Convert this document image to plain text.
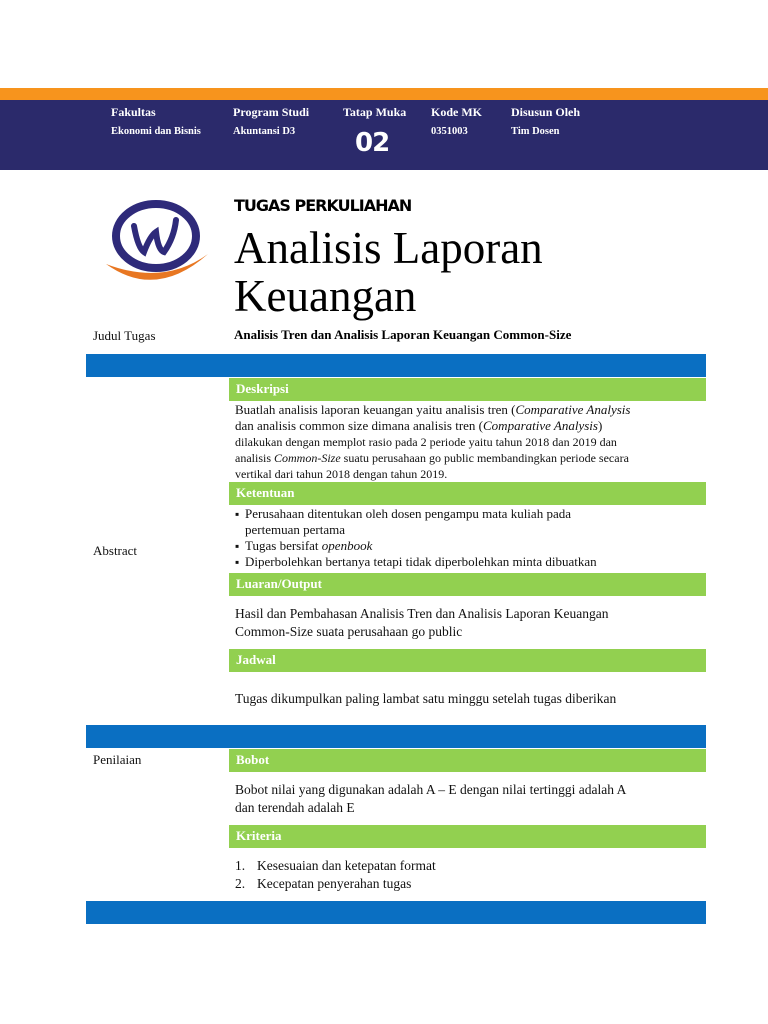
Fakultas
Ekonomi dan Bisnis
Program Studi
Akuntansi D3
Tatap Muka
02
Kode MK
0351003
Disusun Oleh
Tim Dosen
TUGAS PERKULIAHAN
Analisis Laporan
Keuangan
Judul Tugas	Analisis Tren dan Analisis Laporan Keuangan Common-Size
Abstract
Deskripsi
Buatlah analisis laporan keuangan yaitu analisis tren (Comparative Analysis
dan analisis common size dimana analisis tren (Comparative Analysis)
dilakukan dengan memplot rasio pada 2 periode yaitu tahun 2018 dan 2019 dan
analisis Common-Size suatu perusahaan go public membandingkan periode secara
vertikal dari tahun 2018 dengan tahun 2019.
Ketentuan
▪ Perusahaan ditentukan oleh dosen pengampu mata kuliah pada
pertemuan pertama
▪ Tugas bersifat openbook
▪ Diperbolehkan bertanya tetapi tidak diperbolehkan minta dibuatkan
Luaran/Output
Hasil dan Pembahasan Analisis Tren dan Analisis Laporan Keuangan
Common-Size suata perusahaan go public
Jadwal
Tugas dikumpulkan paling lambat satu minggu setelah tugas diberikan
Penilaian	Bobot
Bobot nilai yang digunakan adalah A – E dengan nilai tertinggi adalah A
dan terendah adalah E
Kriteria
1. Kesesuaian dan ketepatan format
2. Kecepatan penyerahan tugas
